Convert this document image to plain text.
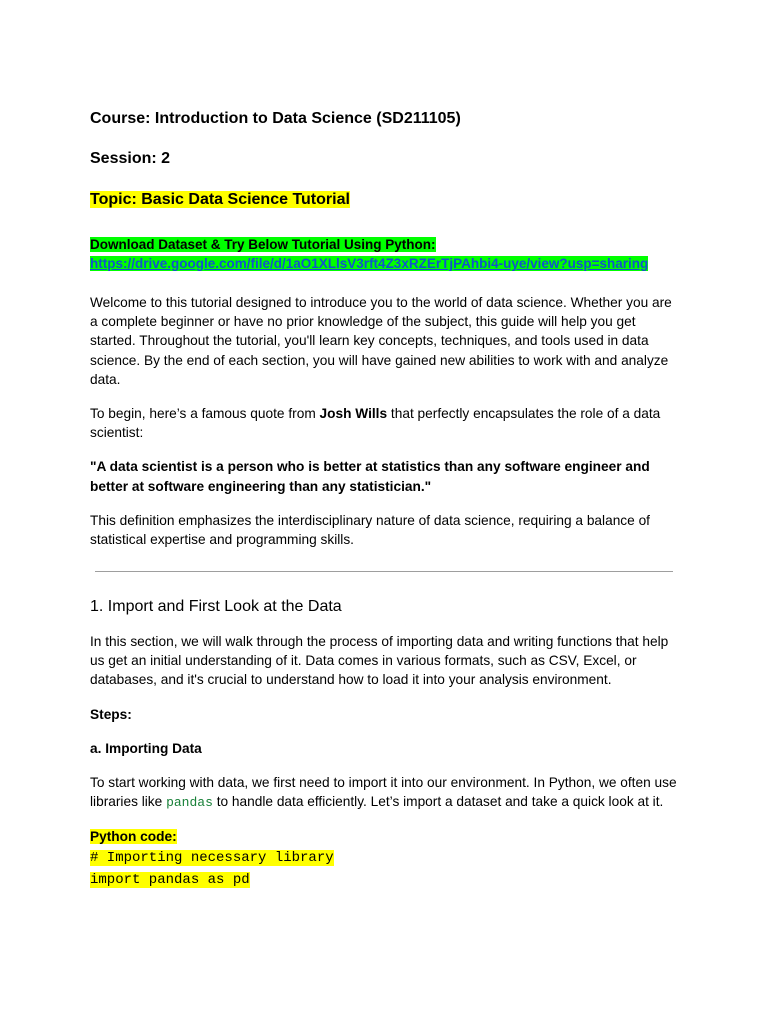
Course: Introduction to Data Science (SD211105)
Session: 2
Topic: Basic Data Science Tutorial
Download Dataset & Try Below Tutorial Using Python:
https://drive.google.com/file/d/1aO1XLlsV3rft4Z3xRZErTjPAhbi4-uye/view?usp=sharing

Welcome to this tutorial designed to introduce you to the world of data science. Whether you are a complete beginner or have no prior knowledge of the subject, this guide will help you get started. Throughout the tutorial, you'll learn key concepts, techniques, and tools used in data science. By the end of each section, you will have gained new abilities to work with and analyze data.

To begin, here’s a famous quote from Josh Wills that perfectly encapsulates the role of a data scientist:

"A data scientist is a person who is better at statistics than any software engineer and better at software engineering than any statistician."

This definition emphasizes the interdisciplinary nature of data science, requiring a balance of statistical expertise and programming skills.

1. Import and First Look at the Data

In this section, we will walk through the process of importing data and writing functions that help us get an initial understanding of it. Data comes in various formats, such as CSV, Excel, or databases, and it's crucial to understand how to load it into your analysis environment.

Steps:

a. Importing Data

To start working with data, we first need to import it into our environment. In Python, we often use libraries like pandas to handle data efficiently. Let’s import a dataset and take a quick look at it.

Python code:

# Importing necessary library
import pandas as pd
